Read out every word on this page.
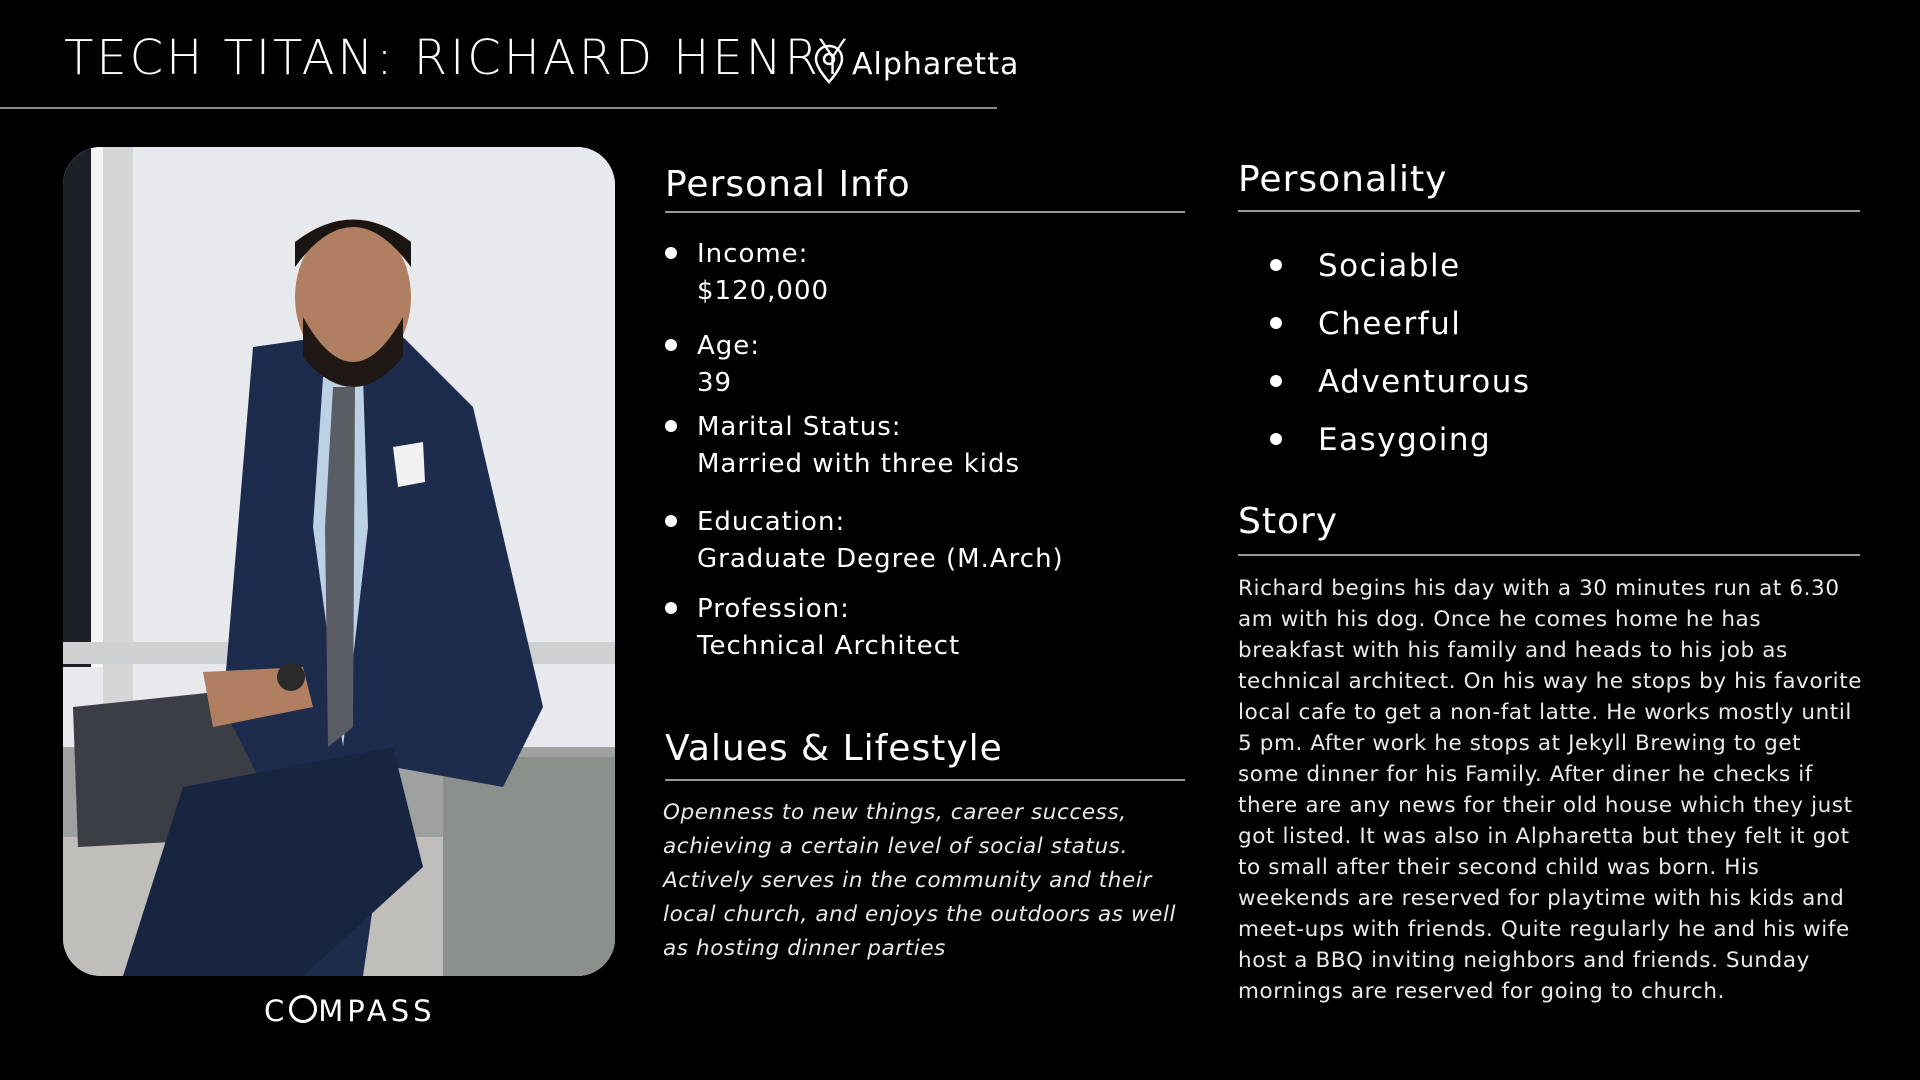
TECH TITAN: RICHARD HENRY Alpharetta
C MPASS
Personal Info
Income:
$120,000
Age:
39
Marital Status:
Married with three kids
Education:
Graduate Degree (M.Arch)
Profession:
Technical Architect
Values & Lifestyle

Openness to new things, career success, achieving a certain level of social status.

Actively serves in the community and their local church, and enjoys the outdoors as well as hosting dinner parties

Personality
Sociable
Cheerful
Adventurous
Easygoing
Story
Richard begins his day with a 30 minutes run at 6.30 am with his dog. Once he comes home he has breakfast with his family and heads to his job as technical architect. On his way he stops by his favorite local cafe to get a non-fat latte. He works mostly until 5 pm. After work he stops at Jekyll Brewing to get some dinner for his Family. After diner he checks if there are any news for their old house which they just got listed. It was also in Alpharetta but they felt it got to small after their second child was born. His weekends are reserved for playtime with his kids and meet-ups with friends. Quite regularly he and his wife host a BBQ inviting neighbors and friends. Sunday mornings are reserved for going to church.
